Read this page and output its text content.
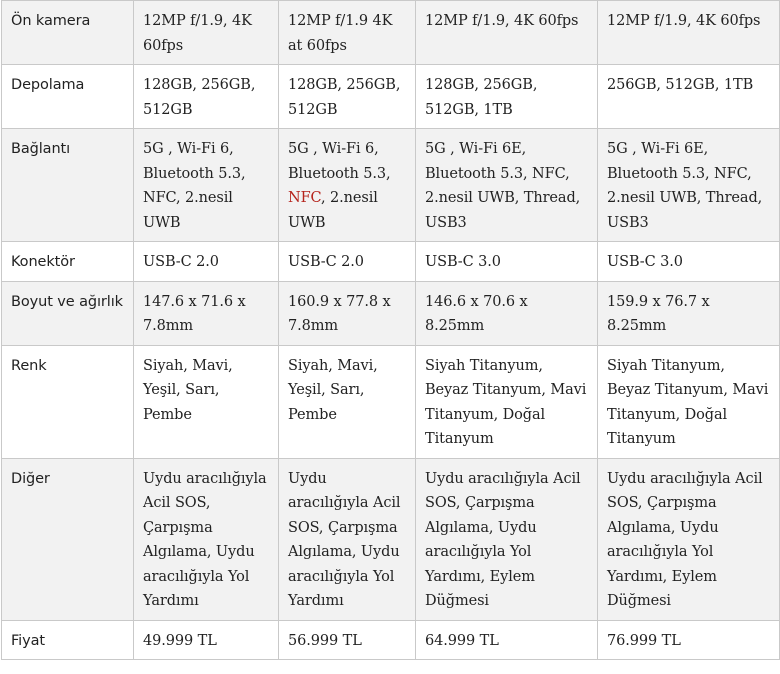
Ön kamera	12MP f/1.9, 4K 60fps	12MP f/1.9 4K at 60fps	12MP f/1.9, 4K 60fps	12MP f/1.9, 4K 60fps
Depolama	128GB, 256GB, 512GB	128GB, 256GB, 512GB	128GB, 256GB, 512GB, 1TB	256GB, 512GB, 1TB
Bağlantı	5G , Wi-Fi 6, Bluetooth 5.3, NFC, 2.nesil UWB	5G , Wi-Fi 6, Bluetooth 5.3, NFC, 2.nesil UWB	5G , Wi-Fi 6E, Bluetooth 5.3, NFC, 2.nesil UWB, Thread, USB3	5G , Wi-Fi 6E, Bluetooth 5.3, NFC, 2.nesil UWB, Thread, USB3
Konektör	USB-C 2.0	USB-C 2.0	USB-C 3.0	USB-C 3.0
Boyut ve ağırlık	147.6 x 71.6 x 7.8mm	160.9 x 77.8 x 7.8mm	146.6 x 70.6 x 8.25mm	159.9 x 76.7 x 8.25mm
Renk	Siyah, Mavi, Yeşil, Sarı, Pembe	Siyah, Mavi, Yeşil, Sarı, Pembe	Siyah Titanyum, Beyaz Titanyum, Mavi Titanyum, Doğal Titanyum	Siyah Titanyum, Beyaz Titanyum, Mavi Titanyum, Doğal Titanyum
Diğer	Uydu aracılığıyla Acil SOS, Çarpışma Algılama, Uydu aracılığıyla Yol Yardımı	Uydu aracılığıyla Acil SOS, Çarpışma Algılama, Uydu aracılığıyla Yol Yardımı	Uydu aracılığıyla Acil SOS, Çarpışma Algılama, Uydu aracılığıyla Yol Yardımı, Eylem Düğmesi	Uydu aracılığıyla Acil SOS, Çarpışma Algılama, Uydu aracılığıyla Yol Yardımı, Eylem Düğmesi
Fiyat	49.999 TL	56.999 TL	64.999 TL	76.999 TL
